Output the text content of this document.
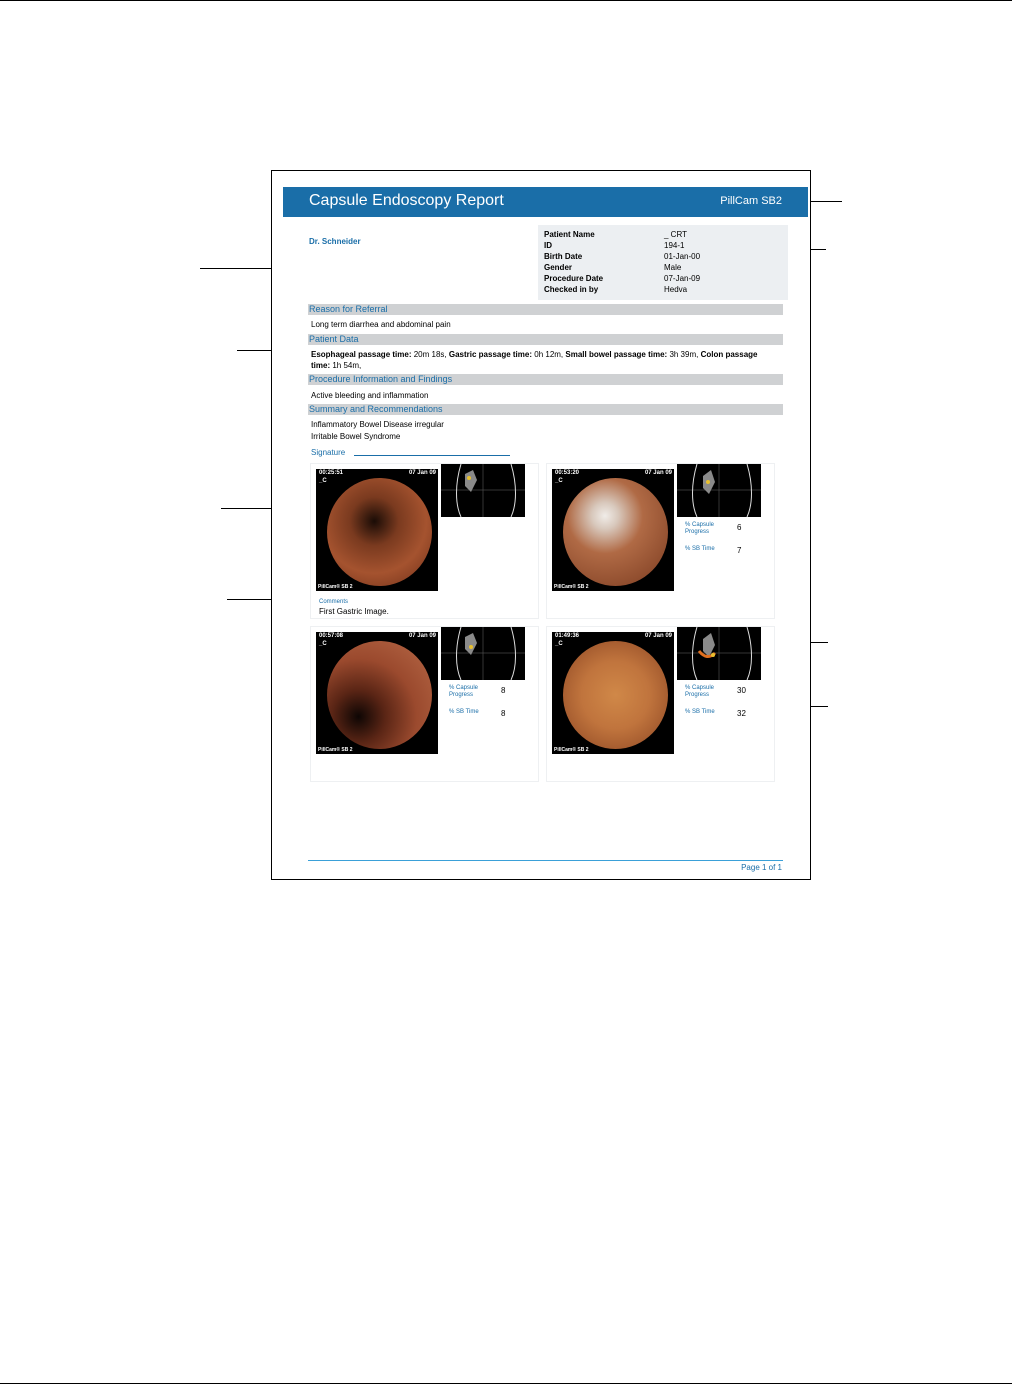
Capsule Endoscopy Report	PillCam SB2
Dr. Schneider
Patient Name	_ CRT
ID	194-1
Birth Date	01-Jan-00
Gender	Male
Procedure Date	07-Jan-09
Checked in by	Hedva
Reason for Referral
Long term diarrhea and abdominal pain
Patient Data
Esophageal passage time: 20m 18s, Gastric passage time: 0h 12m, Small bowel passage time: 3h 39m, Colon passage time: 1h 54m,
Procedure Information and Findings
Active bleeding and inflammation
Summary and Recommendations
Inflammatory Bowel Disease irregular
Irritable Bowel Syndrome
Signature
00:25:51	07 Jan 09
_C
PillCam® SB 2
Comments
First Gastric Image.
00:53:20	07 Jan 09
_C
PillCam® SB 2
% Capsule Progress	6
% SB Time	7
00:57:08	07 Jan 09
_C
PillCam® SB 2
% Capsule Progress	8
% SB Time	8
01:49:36	07 Jan 09
_C
PillCam® SB 2
% Capsule Progress	30
% SB Time	32
Page 1 of 1
